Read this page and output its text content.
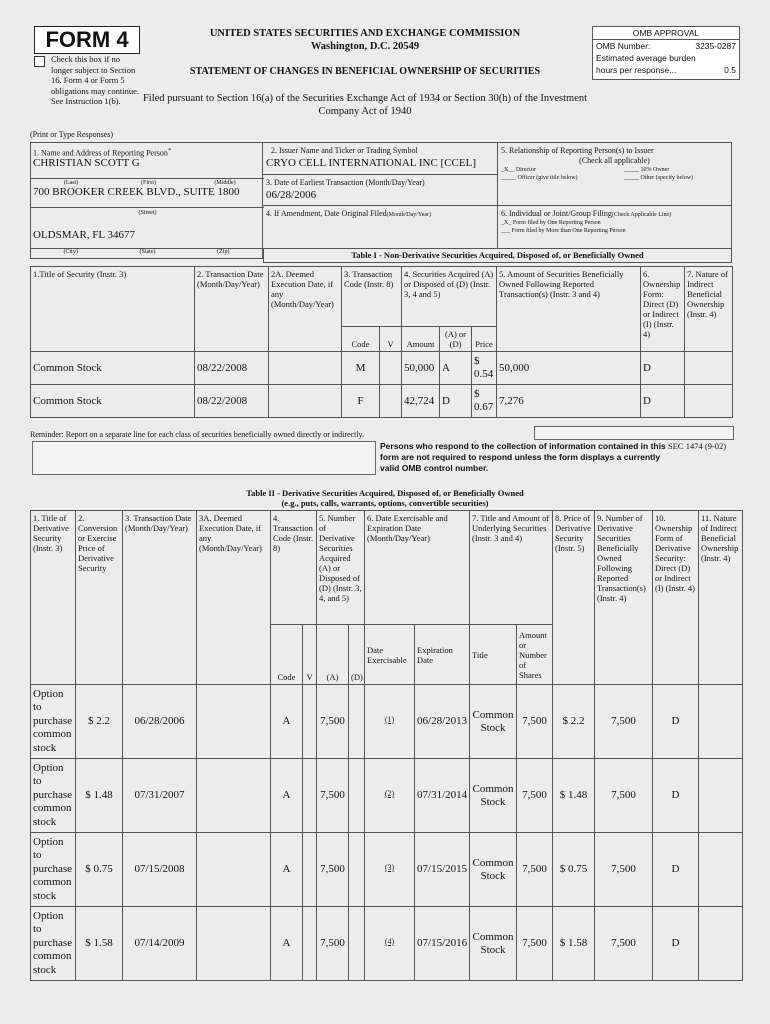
FORM 4
Check this box if no longer subject to Section 16. Form 4 or Form 5 obligations may continue. See Instruction 1(b).
UNITED STATES SECURITIES AND EXCHANGE COMMISSION
Washington, D.C. 20549
STATEMENT OF CHANGES IN BENEFICIAL OWNERSHIP OF SECURITIES
Filed pursuant to Section 16(a) of the Securities Exchange Act of 1934 or Section 30(h) of the Investment Company Act of 1940
OMB APPROVAL
OMB Number:	3235-0287
Estimated average burden
hours per response...	0.5
(Print or Type Responses)
1. Name and Address of Reporting Person*
CHRISTIAN SCOTT G
(Last)	(First)	(Middle)
700 BROOKER CREEK BLVD., SUITE 1800
(Street)
OLDSMAR, FL 34677
(City)	(State)	(Zip)
2. Issuer Name and Ticker or Trading Symbol
CRYO CELL INTERNATIONAL INC [CCEL]
3. Date of Earliest Transaction (Month/Day/Year)
06/28/2006
4. If Amendment, Date Original Filed(Month/Day/Year)
5. Relationship of Reporting Person(s) to Issuer
(Check all applicable)
_X__ Director	_____ 10% Owner
_____ Officer (give title below)	_____ Other (specify below)
6. Individual or Joint/Group Filing(Check Applicable Line)
_X_ Form filed by One Reporting Person
___ Form filed by More than One Reporting Person
Table I - Non-Derivative Securities Acquired, Disposed of, or Beneficially Owned
1.Title of Security (Instr. 3)	2. Transaction Date (Month/Day/Year)	2A. Deemed Execution Date, if any (Month/Day/Year)	3. Transaction Code (Instr. 8)		4. Securities Acquired (A) or Disposed of (D) (Instr. 3, 4 and 5)			5. Amount of Securities Beneficially Owned Following Reported Transaction(s) (Instr. 3 and 4)	6. Ownership Form: Direct (D) or Indirect (I) (Instr. 4)	7. Nature of Indirect Beneficial Ownership (Instr. 4)
			Code	V	Amount	(A) or (D)	Price			
Common Stock	08/22/2008		M		50,000	A	$ 0.54	50,000	D	
Common Stock	08/22/2008		F		42,724	D	$ 0.67	7,276	D	
Reminder: Report on a separate line for each class of securities beneficially owned directly or indirectly.
Persons who respond to the collection of information contained in this form are not required to respond unless the form displays a currently valid OMB control number.
SEC 1474 (9-02)
Table II - Derivative Securities Acquired, Disposed of, or Beneficially Owned
(e.g., puts, calls, warrants, options, convertible securities)
1. Title of Derivative Security (Instr. 3)	2. Conversion or Exercise Price of Derivative Security	3. Transaction Date (Month/Day/Year)	3A. Deemed Execution Date, if any (Month/Day/Year)	4. Transaction Code (Instr. 8)		5. Number of Derivative Securities Acquired (A) or Disposed of (D) (Instr. 3, 4, and 5)		6. Date Exercisable and Expiration Date (Month/Day/Year)		7. Title and Amount of Underlying Securities (Instr. 3 and 4)		8. Price of Derivative Security (Instr. 5)	9. Number of Derivative Securities Beneficially Owned Following Reported Transaction(s) (Instr. 4)	10. Ownership Form of Derivative Security: Direct (D) or Indirect (I) (Instr. 4)	11. Nature of Indirect Beneficial Ownership (Instr. 4)
				Code	V	(A)	(D)	Date Exercisable	Expiration Date	Title	Amount or Number of Shares				
Option to purchase common stock	$ 2.2	06/28/2006		A		7,500		$^{(1)}$	06/28/2013	Common Stock	7,500	$ 2.2	7,500	D	
Option to purchase common stock	$ 1.48	07/31/2007		A		7,500		$^{(2)}$	07/31/2014	Common Stock	7,500	$ 1.48	7,500	D	
Option to purchase common stock	$ 0.75	07/15/2008		A		7,500		$^{(3)}$	07/15/2015	Common Stock	7,500	$ 0.75	7,500	D	
Option to purchase common stock	$ 1.58	07/14/2009		A		7,500		$^{(4)}$	07/15/2016	Common Stock	7,500	$ 1.58	7,500	D	
